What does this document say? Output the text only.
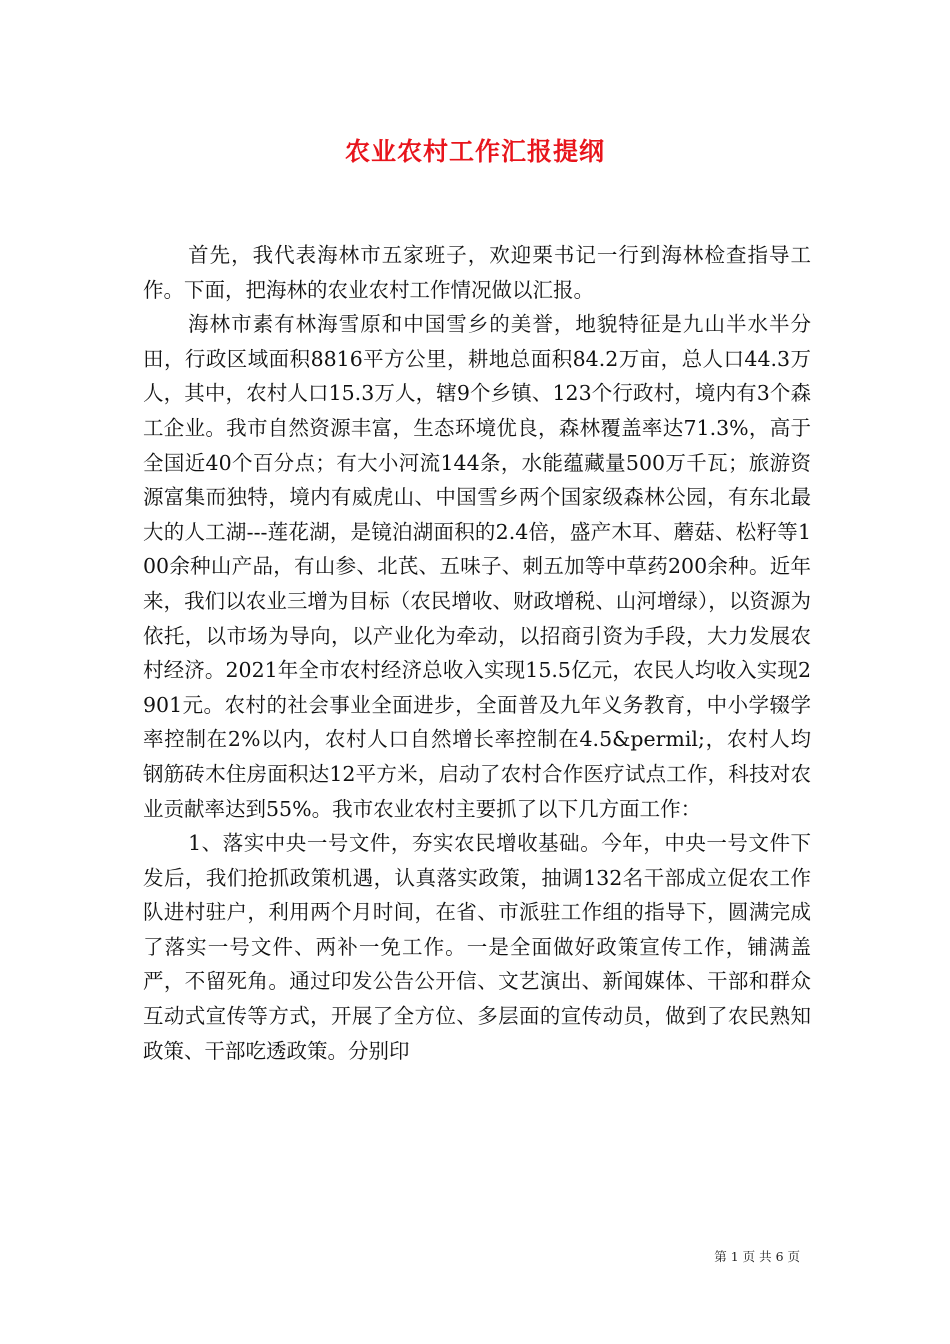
农业农村工作汇报提纲

首先，我代表海林市五家班子，欢迎栗书记一行到海林检查指导工作。下面，把海林的农业农村工作情况做以汇报。

海林市素有林海雪原和中国雪乡的美誉，地貌特征是九山半水半分田，行政区域面积8816平方公里，耕地总面积84.2万亩，总人口44.3万人，其中，农村人口15.3万人，辖9个乡镇、123个行政村，境内有3个森工企业。我市自然资源丰富，生态环境优良，森林覆盖率达71.3%，高于全国近40个百分点；有大小河流144条，水能蕴藏量500万千瓦；旅游资源富集而独特，境内有威虎山、中国雪乡两个国家级森林公园，有东北最大的人工湖---莲花湖，是镜泊湖面积的2.4倍，盛产木耳、蘑菇、松籽等100余种山产品，有山参、北芪、五味子、刺五加等中草药200余种。近年来，我们以农业三增为目标（农民增收、财政增税、山河增绿），以资源为依托，以市场为导向，以产业化为牵动，以招商引资为手段，大力发展农村经济。2021年全市农村经济总收入实现15.5亿元，农民人均收入实现2901元。农村的社会事业全面进步，全面普及九年义务教育，中小学辍学率控制在2%以内，农村人口自然增长率控制在4.5&permil;，农村人均钢筋砖木住房面积达12平方米，启动了农村合作医疗试点工作，科技对农业贡献率达到55%。我市农业农村主要抓了以下几方面工作：

1、落实中央一号文件，夯实农民增收基础。今年，中央一号文件下发后，我们抢抓政策机遇，认真落实政策，抽调132名干部成立促农工作队进村驻户，利用两个月时间，在省、市派驻工作组的指导下，圆满完成了落实一号文件、两补一免工作。一是全面做好政策宣传工作，铺满盖严，不留死角。通过印发公告公开信、文艺演出、新闻媒体、干部和群众互动式宣传等方式，开展了全方位、多层面的宣传动员，做到了农民熟知政策、干部吃透政策。分别印

第 1 页 共 6 页
